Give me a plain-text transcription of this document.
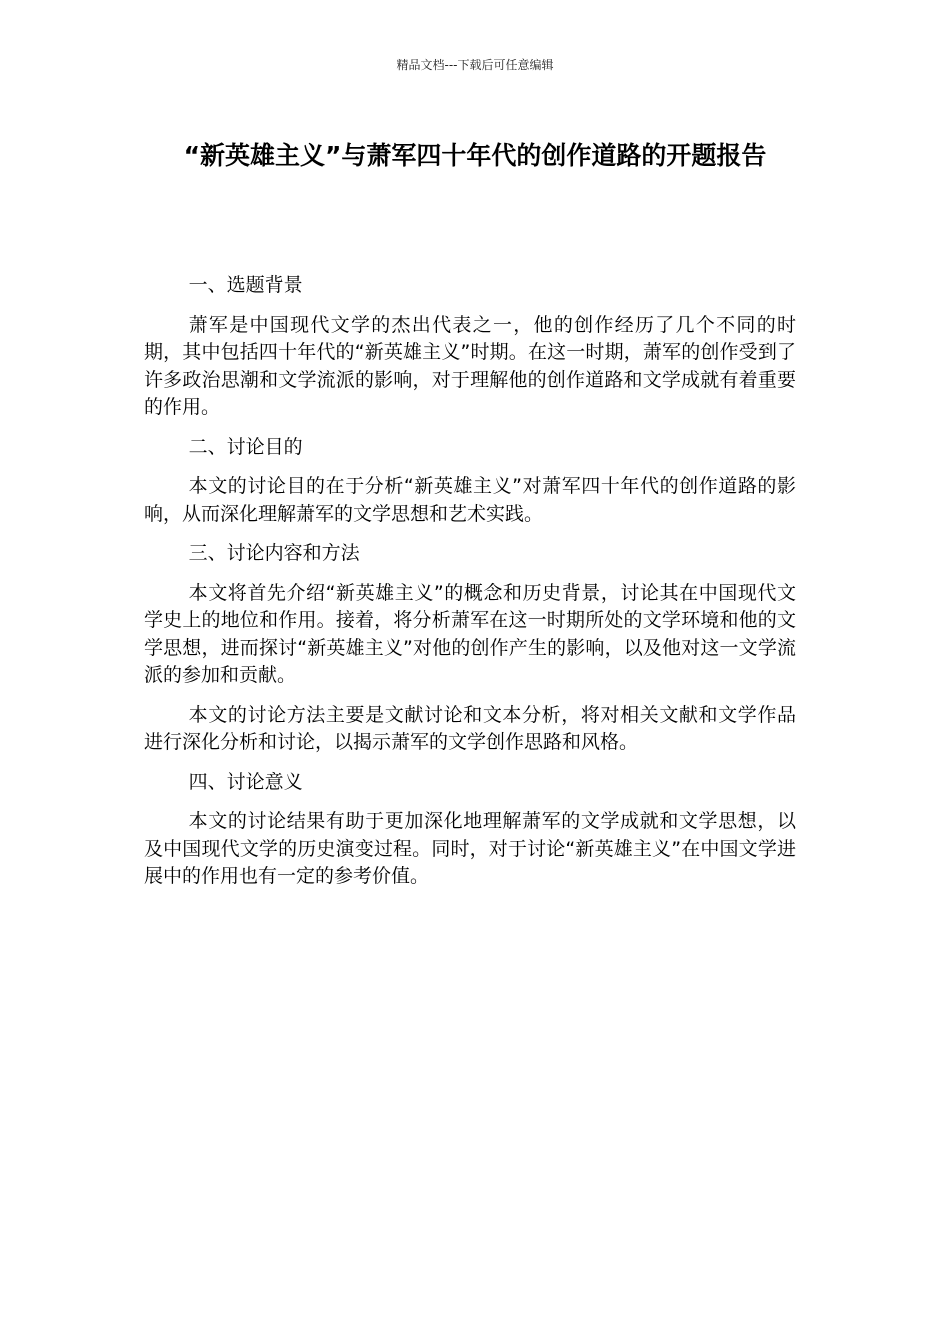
精品文档---下载后可任意编辑
“新英雄主义”与萧军四十年代的创作道路的开题报告

一、选题背景

萧军是中国现代文学的杰出代表之一，他的创作经历了几个不同的时期，其中包括四十年代的“新英雄主义”时期。在这一时期，萧军的创作受到了许多政治思潮和文学流派的影响，对于理解他的创作道路和文学成就有着重要的作用。

二、讨论目的

本文的讨论目的在于分析“新英雄主义”对萧军四十年代的创作道路的影响，从而深化理解萧军的文学思想和艺术实践。

三、讨论内容和方法

本文将首先介绍“新英雄主义”的概念和历史背景，讨论其在中国现代文学史上的地位和作用。接着，将分析萧军在这一时期所处的文学环境和他的文学思想，进而探讨“新英雄主义”对他的创作产生的影响，以及他对这一文学流派的参加和贡献。

本文的讨论方法主要是文献讨论和文本分析，将对相关文献和文学作品进行深化分析和讨论，以揭示萧军的文学创作思路和风格。

四、讨论意义

本文的讨论结果有助于更加深化地理解萧军的文学成就和文学思想，以及中国现代文学的历史演变过程。同时，对于讨论“新英雄主义”在中国文学进展中的作用也有一定的参考价值。
